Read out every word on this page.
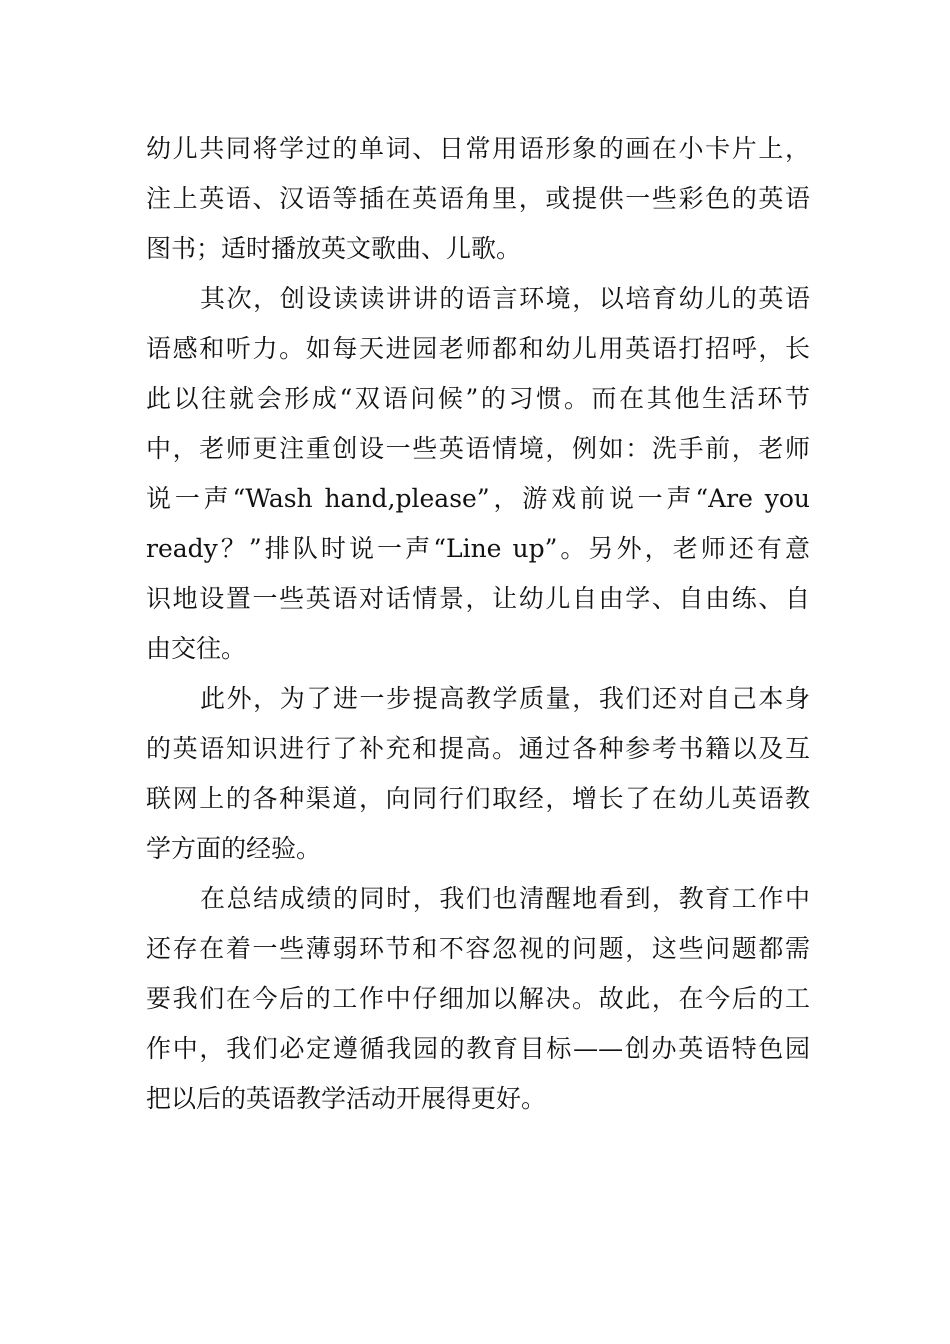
幼儿共同将学过的单词、日常用语形象的画在小卡片上，
注上英语、汉语等插在英语角里，或提供一些彩色的英语
图书；适时播放英文歌曲、儿歌。
其次，创设读读讲讲的语言环境，以培育幼儿的英语
语感和听力。如每天进园老师都和幼儿用英语打招呼，长
此以往就会形成“双语问候”的习惯。而在其他生活环节
中，老师更注重创设一些英语情境，例如：洗手前，老师
说一声“Wash hand,please”，游戏前说一声“Are you
ready？”排队时说一声“Line up”。另外，老师还有意
识地设置一些英语对话情景，让幼儿自由学、自由练、自
由交往。
此外，为了进一步提高教学质量，我们还对自己本身
的英语知识进行了补充和提高。通过各种参考书籍以及互
联网上的各种渠道，向同行们取经，增长了在幼儿英语教
学方面的经验。
在总结成绩的同时，我们也清醒地看到，教育工作中
还存在着一些薄弱环节和不容忽视的问题，这些问题都需
要我们在今后的工作中仔细加以解决。故此，在今后的工
作中，我们必定遵循我园的教育目标——创办英语特色园
把以后的英语教学活动开展得更好。
